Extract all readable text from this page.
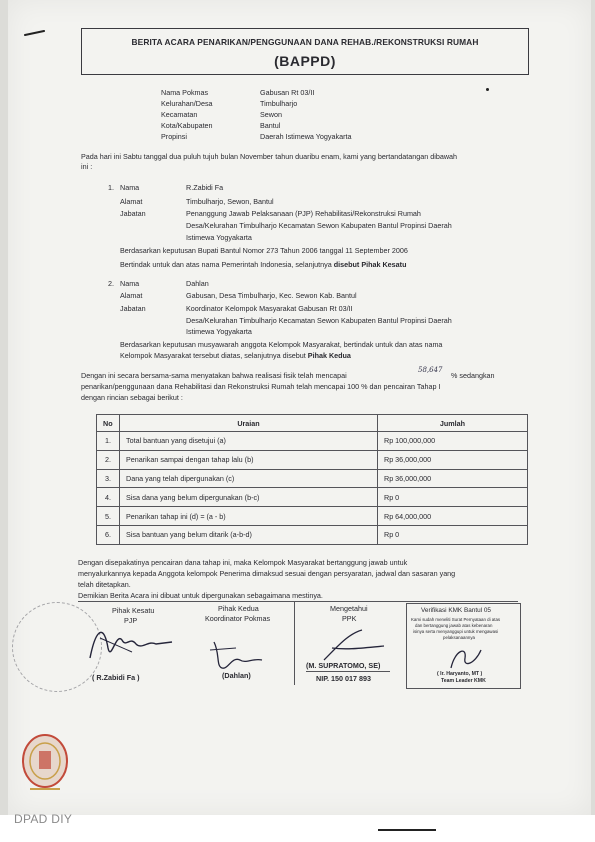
DPAD DIY
BERITA ACARA PENARIKAN/PENGGUNAAN DANA REHAB./REKONSTRUKSI RUMAH
(BAPPD)
Nama Pokmas	Gabusan Rt 03/II
Kelurahan/Desa	Timbulharjo
Kecamatan	Sewon
Kota/Kabupaten	Bantul
Propinsi	Daerah Istimewa Yogyakarta
Pada hari ini Sabtu tanggal dua puluh tujuh bulan November tahun duaribu enam, kami yang bertandatangan dibawah
ini :
1. Nama	R.Zabidi Fa
Alamat	Timbulharjo, Sewon, Bantul
Jabatan	Penanggung Jawab Pelaksanaan (PJP) Rehabilitasi/Rekonstruksi Rumah
Desa/Kelurahan Timbulharjo Kecamatan Sewon Kabupaten Bantul Propinsi Daerah
Istimewa Yogyakarta
Berdasarkan keputusan Bupati Bantul Nomor 273 Tahun 2006 tanggal 11 September 2006
Bertindak untuk dan atas nama Pemerintah Indonesia, selanjutnya disebut Pihak Kesatu
2. Nama	Dahlan
Alamat	Gabusan, Desa Timbulharjo, Kec. Sewon Kab. Bantul
Jabatan	Koordinator Kelompok Masyarakat Gabusan Rt 03/II
Desa/Kelurahan Timbulharjo Kecamatan Sewon Kabupaten Bantul Propinsi Daerah
Istimewa Yogyakarta
Berdasarkan keputusan musyawarah anggota Kelompok Masyarakat, bertindak untuk dan atas nama
Kelompok Masyarakat tersebut diatas, selanjutnya disebut Pihak Kedua
Dengan ini secara bersama-sama menyatakan bahwa realisasi fisik telah mencapai
58,647
% sedangkan
penarikan/penggunaan dana Rehabilitasi dan Rekonstruksi Rumah telah mencapai 100 % dan pencairan Tahap I
dengan rincian sebagai berikut :
No	Uraian	Jumlah
1.	Total bantuan yang disetujui (a)	Rp 100,000,000
2.	Penarikan sampai dengan tahap lalu (b)	Rp 36,000,000
3.	Dana yang telah dipergunakan (c)	Rp 36,000,000
4.	Sisa dana yang belum dipergunakan (b-c)	Rp 0
5.	Penarikan tahap ini (d) = (a - b)	Rp 64,000,000
6.	Sisa bantuan yang belum ditarik (a-b-d)	Rp 0
Dengan disepakatinya pencairan dana tahap ini, maka Kelompok Masyarakat bertanggung jawab untuk
menyalurkannya kepada Anggota kelompok Penerima dimaksud sesuai dengan persyaratan, jadwal dan sasaran yang
telah ditetapkan.
Demikian Berita Acara ini dibuat untuk dipergunakan sebagaimana mestinya.
Pihak Kesatu
PJP
( R.Zabidi Fa )
Pihak Kedua
Koordinator Pokmas
(Dahlan)
Mengetahui
PPK
(M. SUPRATOMO, SE)
NIP. 150 017 893
Verifikasi KMK Bantul 05
Kami sudah meneliti Surat Pernyataan di atas
dan bertanggung jawab atas kebenaran
isinya serta menyanggupi untuk mengawasi
pelaksanaannya
( Ir. Haryanto, MT )
Team Leader KMK
